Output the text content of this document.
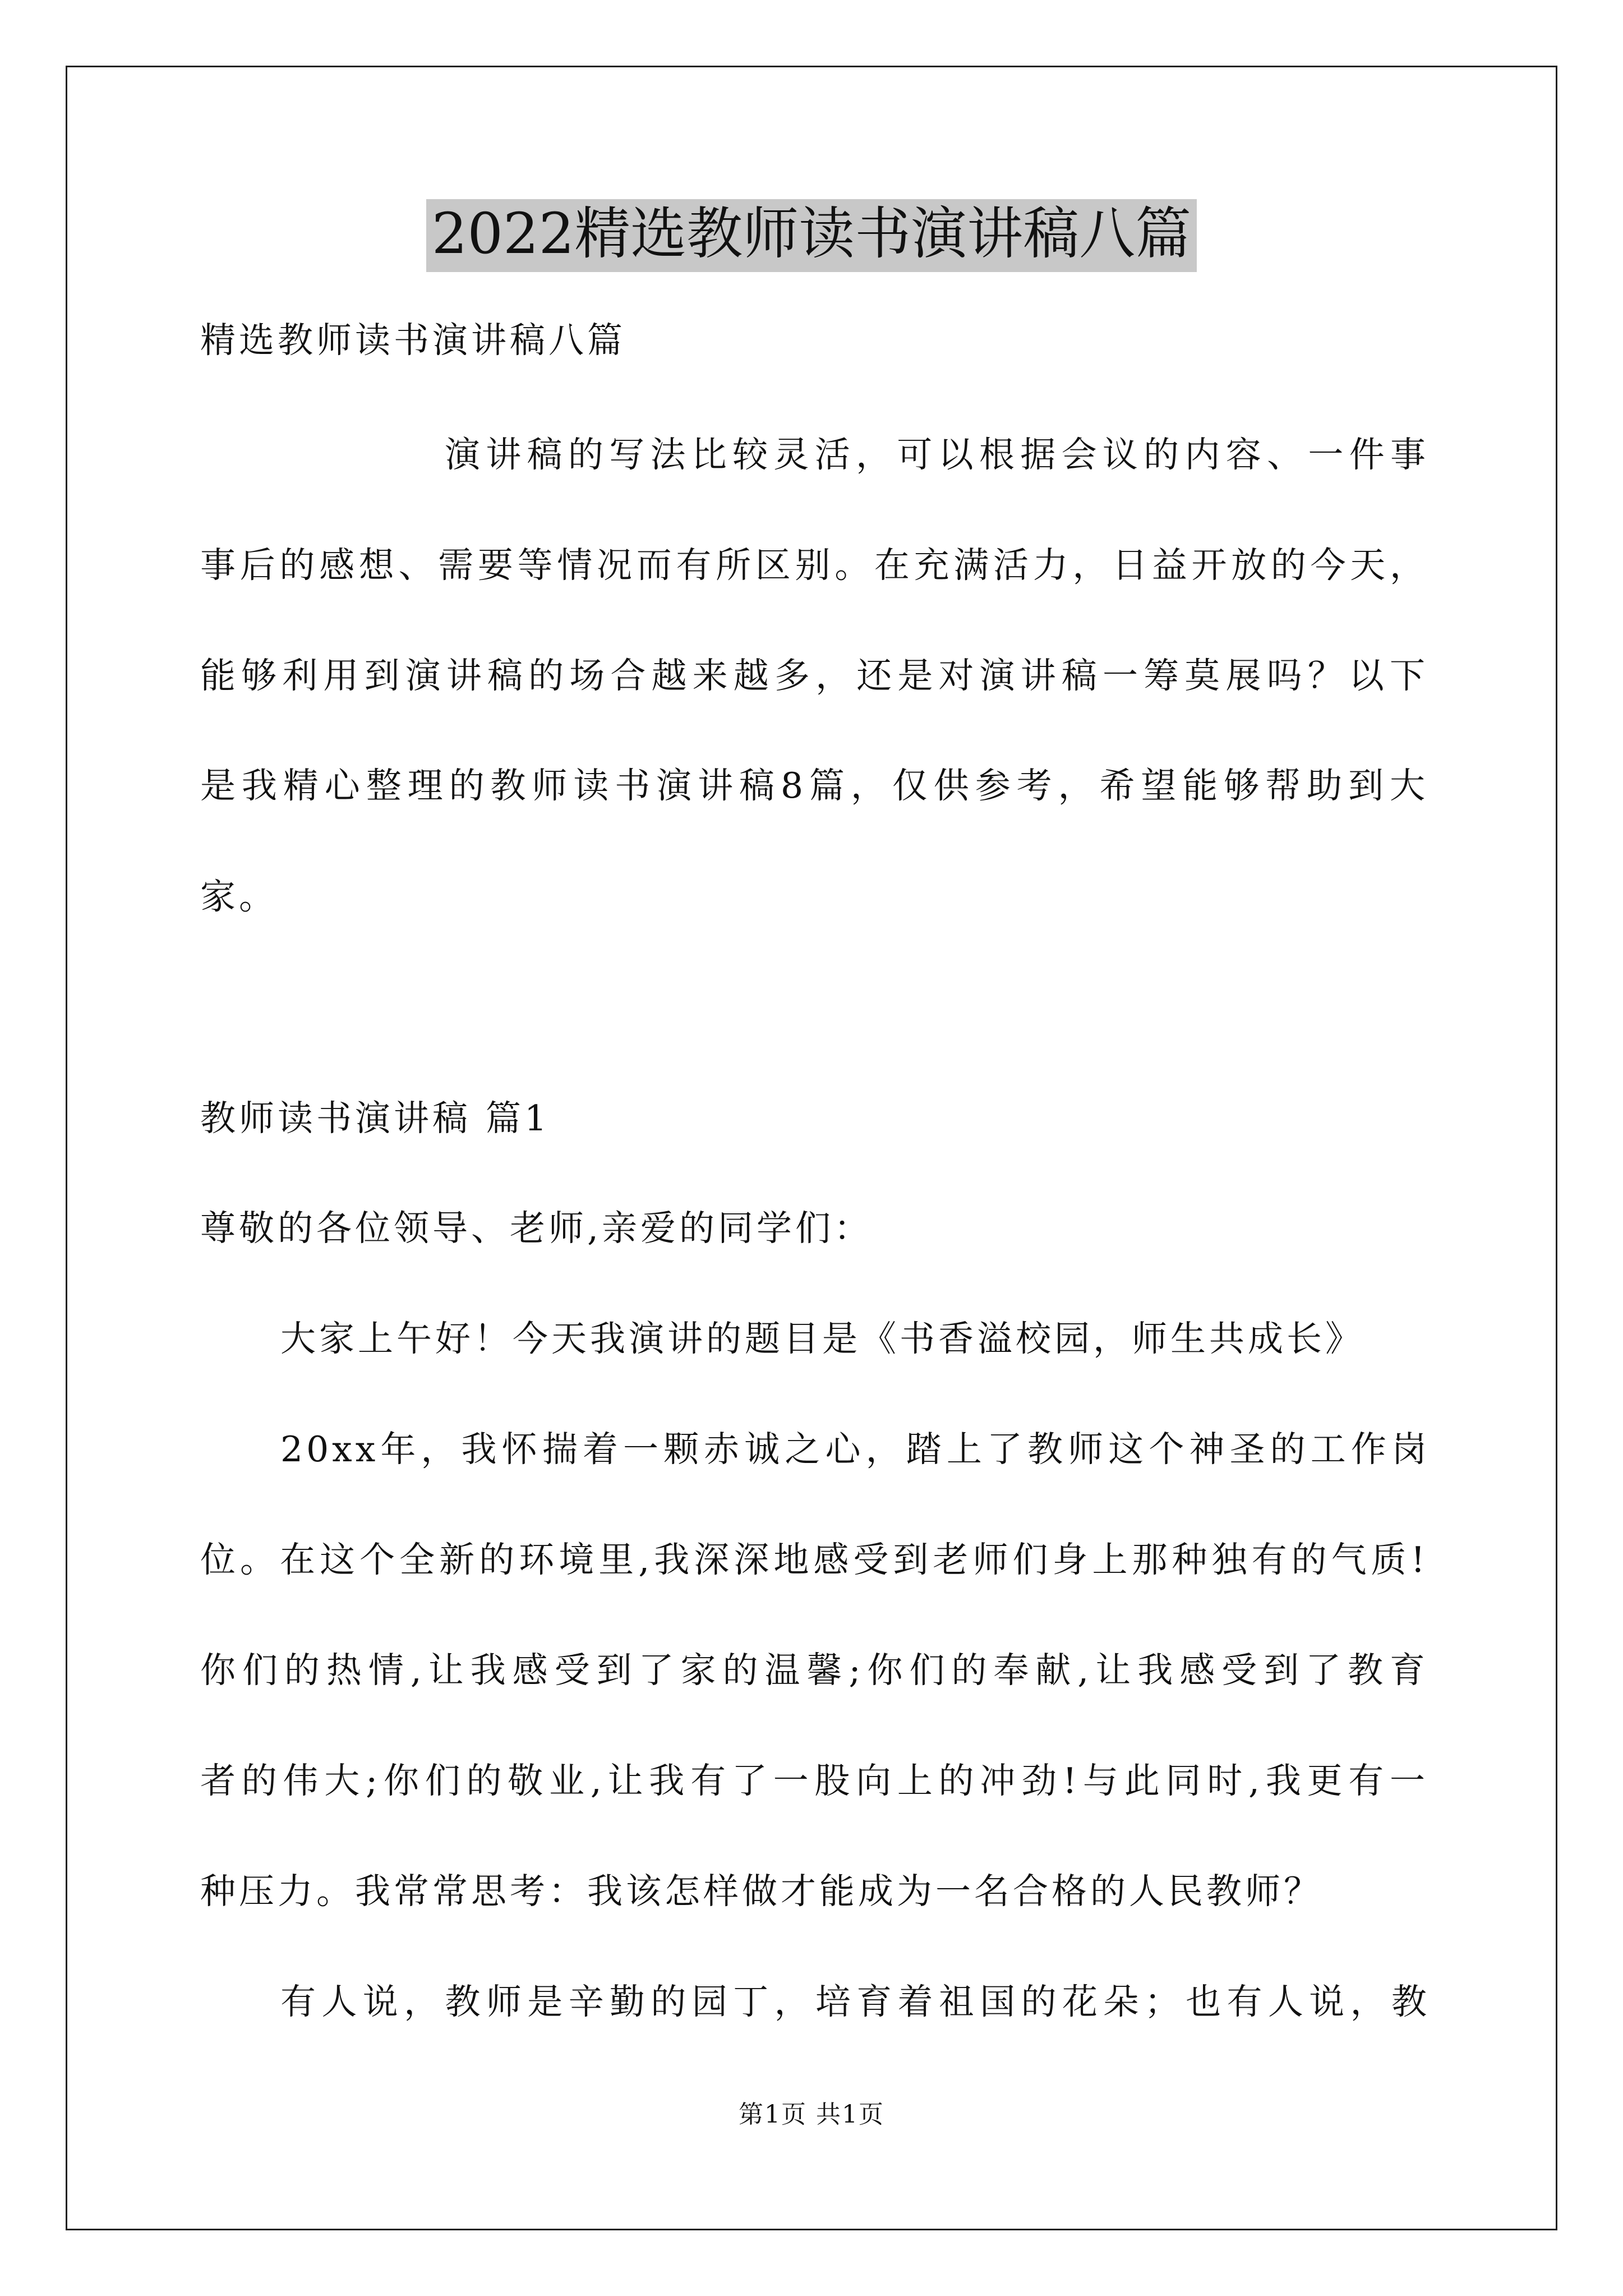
2022精选教师读书演讲稿八篇
精选教师读书演讲稿八篇
演讲稿的写法比较灵活，可以根据会议的内容、一件事
事后的感想、需要等情况而有所区别。在充满活力，日益开放的今天，
能够利用到演讲稿的场合越来越多，还是对演讲稿一筹莫展吗？以下
是我精心整理的教师读书演讲稿8篇，仅供参考，希望能够帮助到大
家。
教师读书演讲稿 篇1
尊敬的各位领导、老师,亲爱的同学们：
大家上午好！今天我演讲的题目是《书香溢校园，师生共成长》
20xx年，我怀揣着一颗赤诚之心，踏上了教师这个神圣的工作岗
位。在这个全新的环境里,我深深地感受到老师们身上那种独有的气质!
你们的热情,让我感受到了家的温馨;你们的奉献,让我感受到了教育
者的伟大;你们的敬业,让我有了一股向上的冲劲!与此同时,我更有一
种压力。我常常思考：我该怎样做才能成为一名合格的人民教师？
有人说，教师是辛勤的园丁，培育着祖国的花朵；也有人说，教
第1页 共1页
